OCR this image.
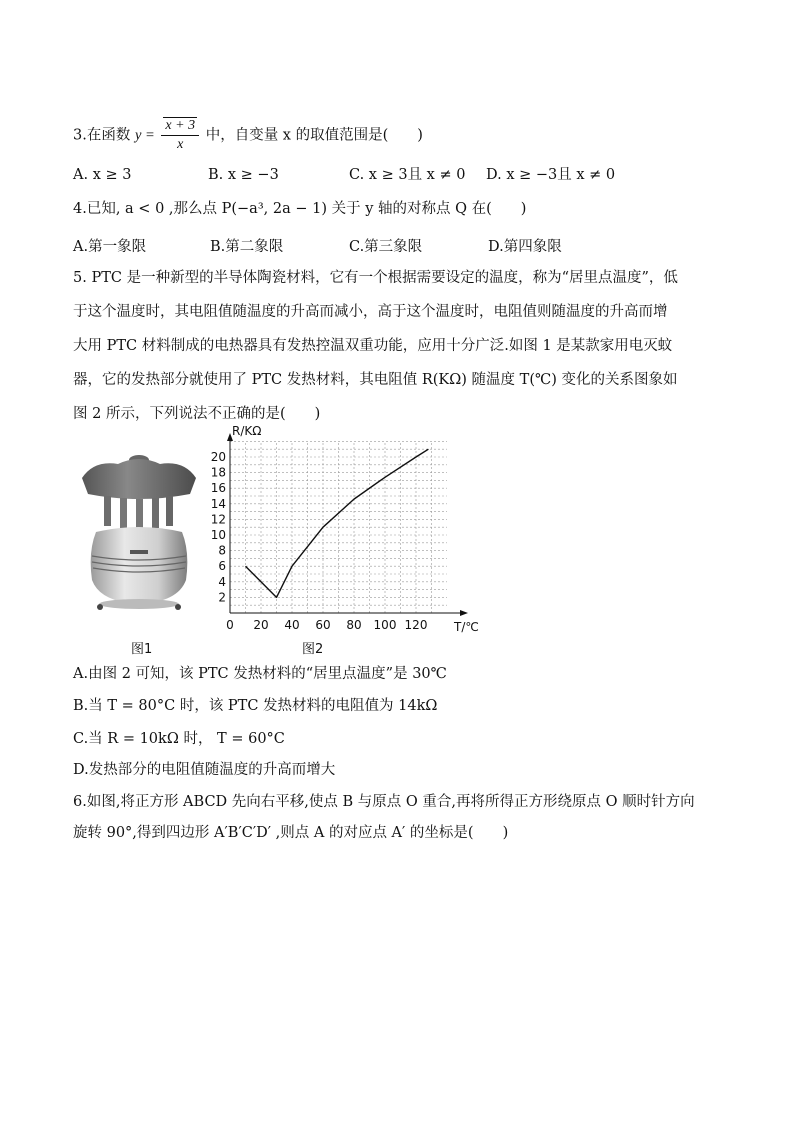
3.在函数 $y = \frac{x + 3}{x}$ 中，自变量 x 的取值范围是(　　)
A. x ≥ 3	B. x ≥ −3	C. x ≥ 3且 x ≠ 0 D. x ≥ −3且 x ≠ 0
4.已知, a < 0 ,那么点 P(−a³, 2a − 1) 关于 y 轴的对称点 Q 在(　　)
A.第一象限	B.第二象限	C.第三象限	D.第四象限
5. PTC 是一种新型的半导体陶瓷材料，它有一个根据需要设定的温度，称为“居里点温度”，低
于这个温度时，其电阻值随温度的升高而减小，高于这个温度时，电阻值则随温度的升高而增
大用 PTC 材料制成的电热器具有发热控温双重功能，应用十分广泛.如图 1 是某款家用电灭蚊
器，它的发热部分就使用了 PTC 发热材料，其电阻值 R(KΩ) 随温度 T(℃) 变化的关系图象如
图 2 所示，下列说法不正确的是(　　)
图1
2
4
6
8
10
12
14
16
18
20
0 20 40 60 80 100 120
R/KΩ
T/℃
图2
A.由图 2 可知，该 PTC 发热材料的“居里点温度”是 30℃
B.当 T = 80°C 时，该 PTC 发热材料的电阻值为 14kΩ
C.当 R = 10kΩ 时， T = 60°C
D.发热部分的电阻值随温度的升高而增大
6.如图,将正方形 ABCD 先向右平移,使点 B 与原点 O 重合,再将所得正方形绕原点 O 顺时针方向
旋转 90°,得到四边形 A′B′C′D′ ,则点 A 的对应点 A′ 的坐标是(　　)
